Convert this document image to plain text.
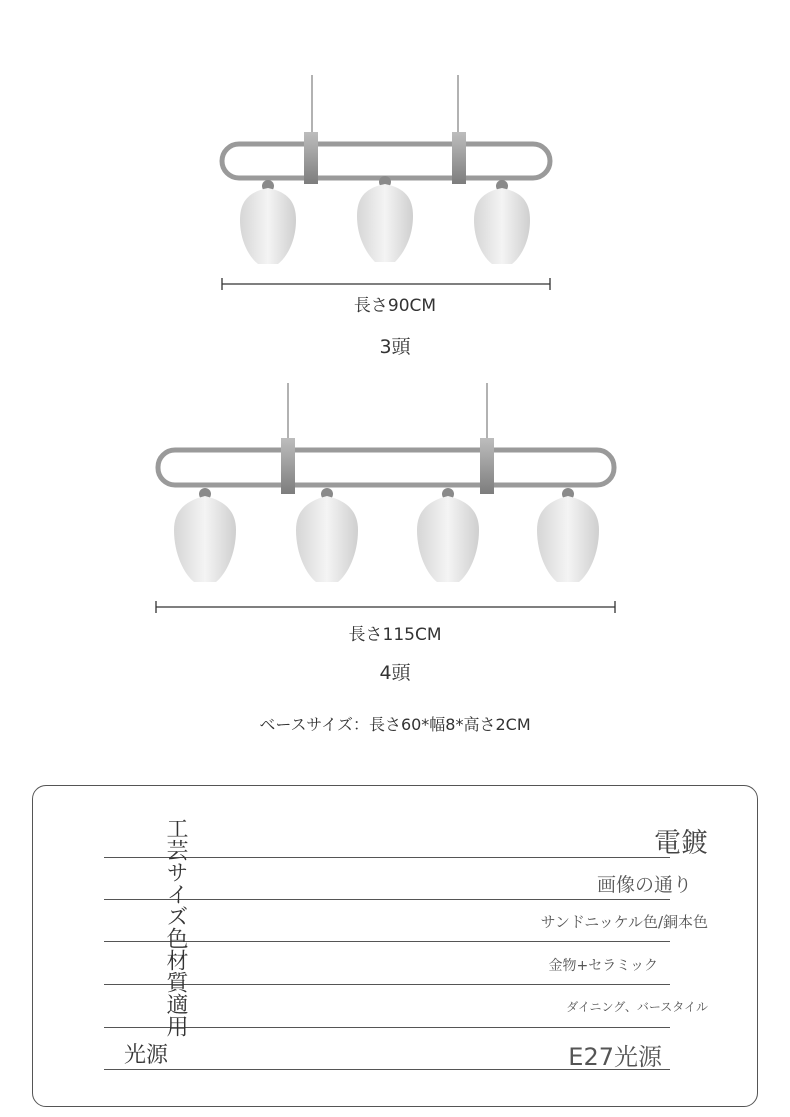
長さ90CM
3頭
長さ115CM
4頭
ベースサイズ：長さ60*幅8*高さ2CM
工芸サイズ色材質適用
光源
電鍍
画像の通り
サンドニッケル色/銅本色
金物+セラミック
ダイニング、バースタイル
E27光源
